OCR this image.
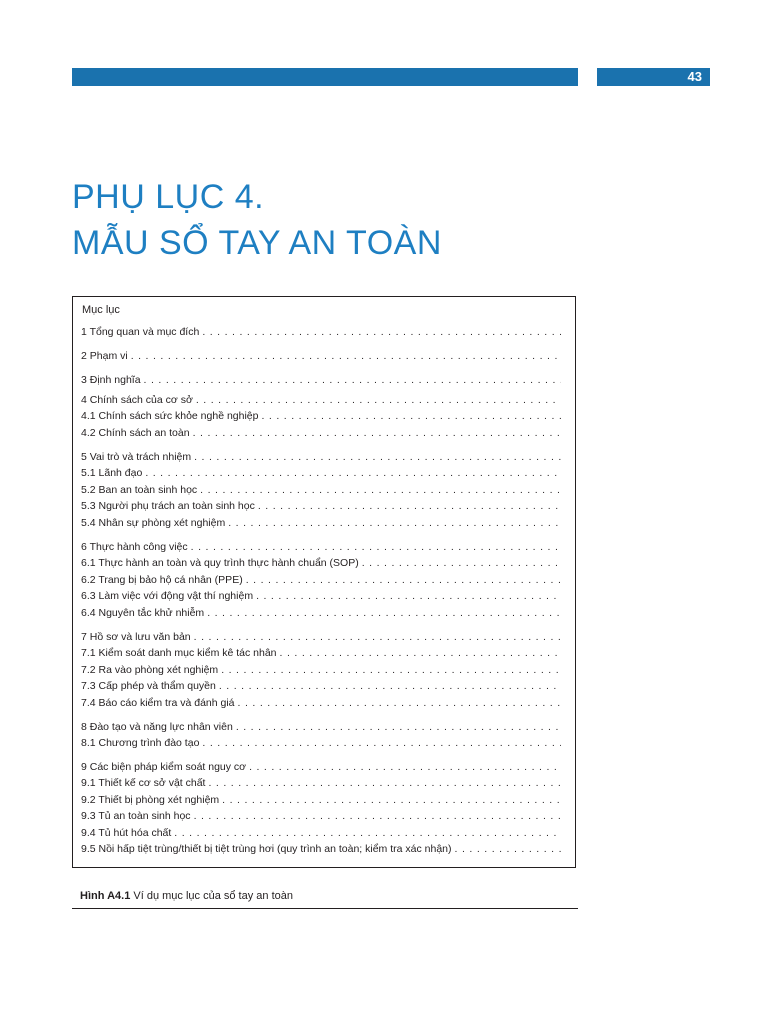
43
PHỤ LỤC 4.
MẪU SỔ TAY AN TOÀN
Mục lục
1 Tổng quan và mục đích
. . .
2 Phạm vi
. . .
3 Định nghĩa
. . .
4 Chính sách của cơ sở
. . .
4.1 Chính sách sức khỏe nghề nghiệp
. . .
4.2 Chính sách an toàn
. . .
5 Vai trò và trách nhiệm
. . .
5.1 Lãnh đạo
. . .
5.2 Ban an toàn sinh học
. . .
5.3 Người phụ trách an toàn sinh học
. . .
5.4 Nhân sự phòng xét nghiệm
. . .
6 Thực hành công việc
. . .
6.1 Thực hành an toàn và quy trình thực hành chuẩn (SOP)
. . .
6.2 Trang bị bảo hộ cá nhân (PPE)
. . .
6.3 Làm việc với động vật thí nghiệm
. . .
6.4 Nguyên tắc khử nhiễm
. . .
7 Hồ sơ và lưu văn bản
. . .
7.1 Kiểm soát danh mục kiểm kê tác nhân
. . .
7.2 Ra vào phòng xét nghiệm
. . .
7.3 Cấp phép và thẩm quyền
. . .
7.4 Báo cáo kiểm tra và đánh giá
. . .
8 Đào tạo và năng lực nhân viên
. . .
8.1 Chương trình đào tạo
. . .
9 Các biện pháp kiểm soát nguy cơ
. . .
9.1 Thiết kế cơ sở vật chất
. . .
9.2 Thiết bị phòng xét nghiệm
. . .
9.3 Tủ an toàn sinh học
. . .
9.4 Tủ hút hóa chất
. . .
9.5 Nồi hấp tiệt trùng/thiết bị tiệt trùng hơi (quy trình an toàn; kiểm tra xác nhận)
. . .
Hình A4.1 Ví dụ mục lục của sổ tay an toàn
